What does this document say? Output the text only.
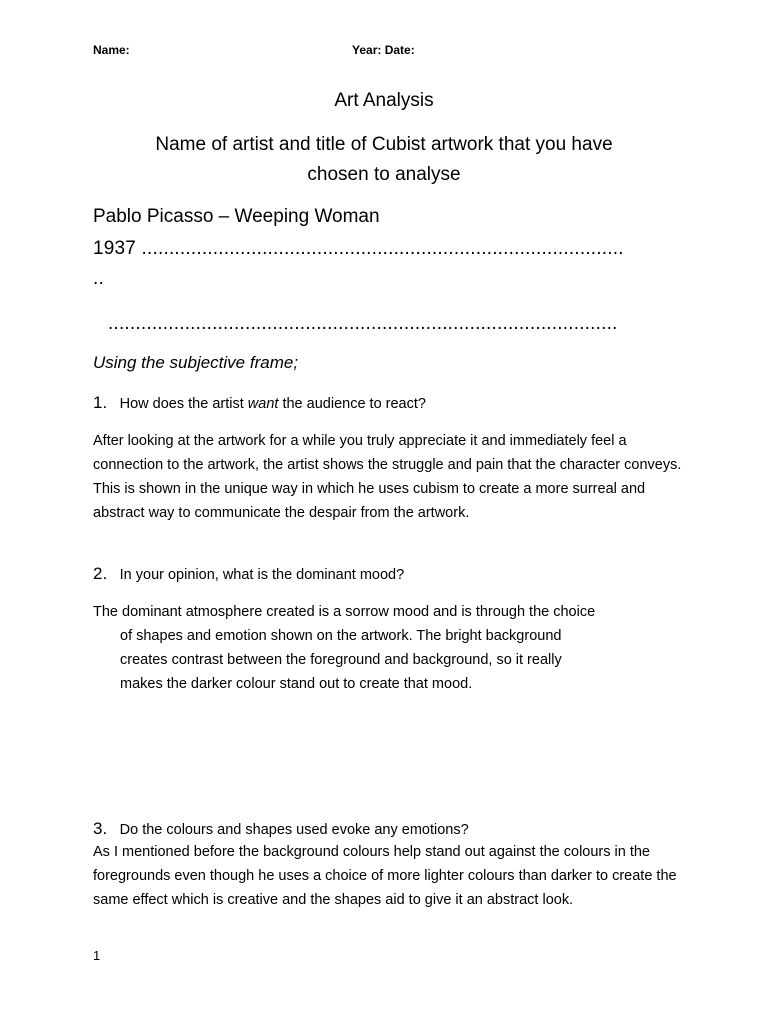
Name:	Year: Date:
Art Analysis
Name of artist and title of Cubist artwork that you have
chosen to analyse
Pablo Picasso – Weeping Woman
1937 ........................................................................................
..
.............................................................................................
Using the subjective frame;
1. How does the artist want the audience to react?
After looking at the artwork for a while you truly appreciate it and immediately feel a connection to the artwork, the artist shows the struggle and pain that the character conveys. This is shown in the unique way in which he uses cubism to create a more surreal and abstract way to communicate the despair from the artwork.
2. In your opinion, what is the dominant mood?
The dominant atmosphere created is a sorrow mood and is through the choice
of shapes and emotion shown on the artwork. The bright background
creates contrast between the foreground and background, so it really
makes the darker colour stand out to create that mood.
3. Do the colours and shapes used evoke any emotions?
As I mentioned before the background colours help stand out against the colours in the foregrounds even though he uses a choice of more lighter colours than darker to create the same effect which is creative and the shapes aid to give it an abstract look.
1
